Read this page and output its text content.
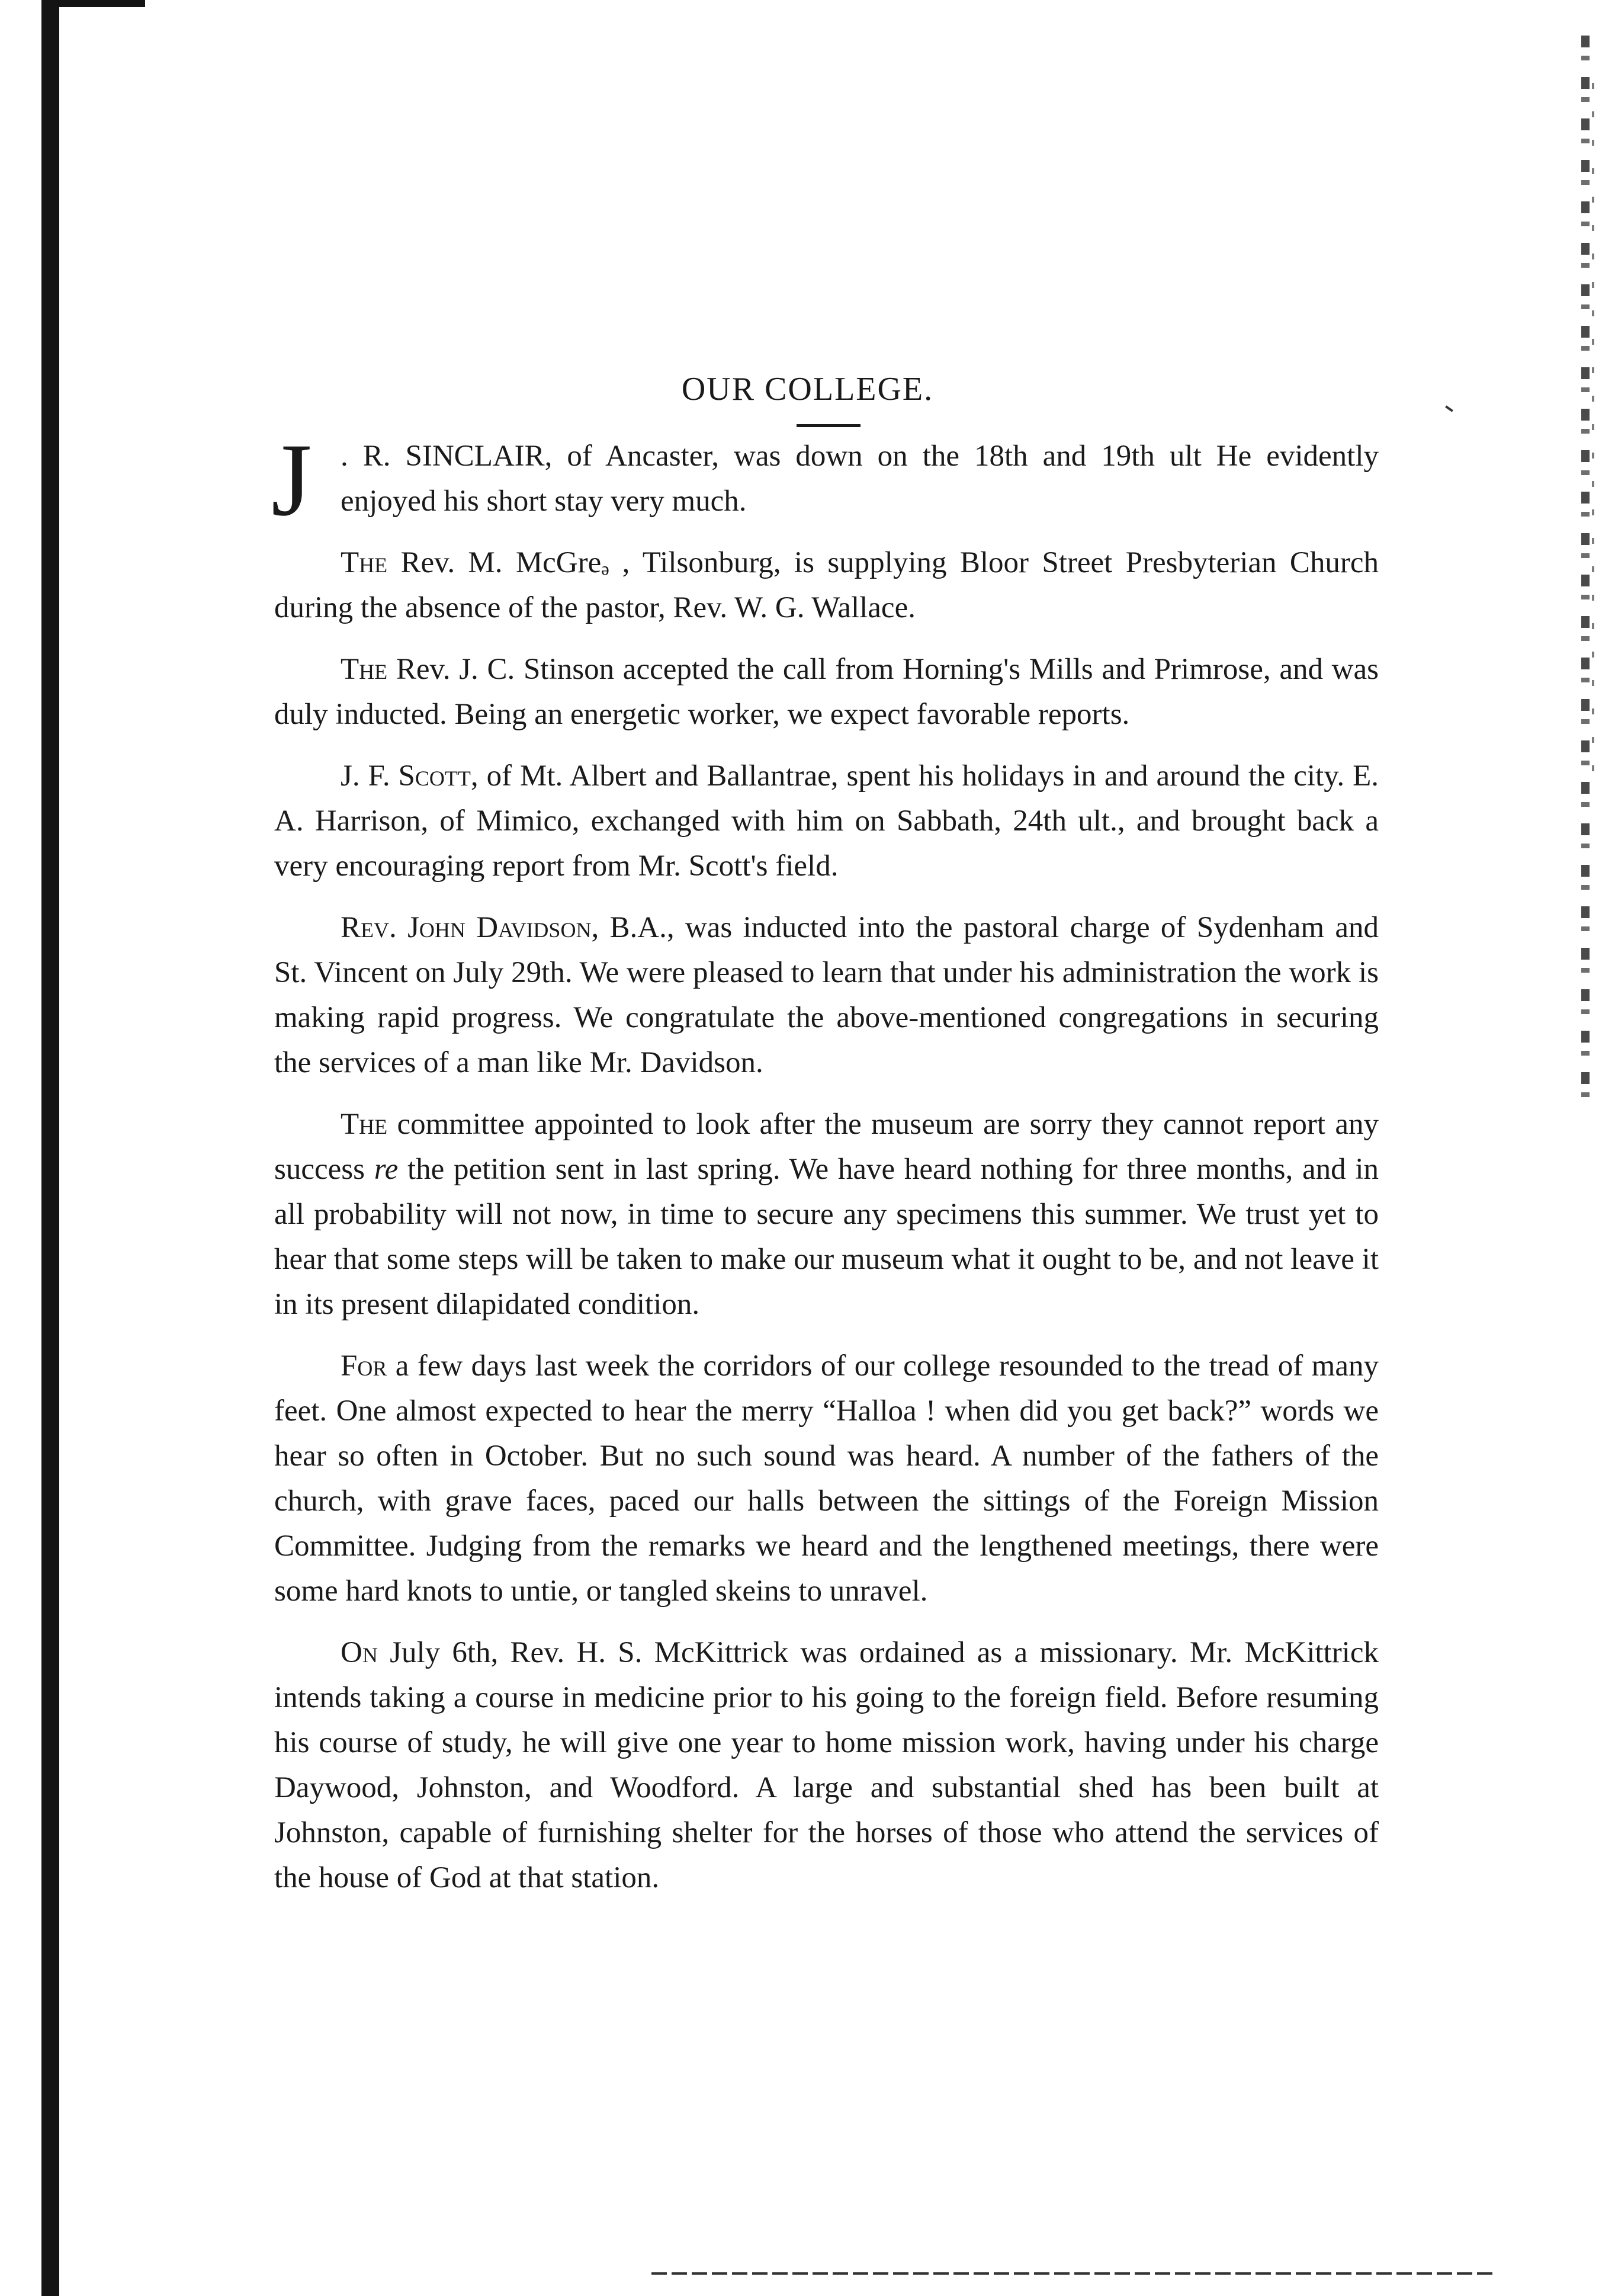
OUR COLLEGE.

J . R. SINCLAIR, of Ancaster, was down on the 18th and 19th ult He evidently enjoyed his short stay very much.

The Rev. M. McGreₔ , Tilsonburg, is supplying Bloor Street Presbyterian Church during the absence of the pastor, Rev. W. G. Wallace.

The Rev. J. C. Stinson accepted the call from Horning's Mills and Primrose, and was duly inducted. Being an energetic worker, we expect favorable reports.

J. F. Scott, of Mt. Albert and Ballantrae, spent his holidays in and around the city. E. A. Harrison, of Mimico, exchanged with him on Sabbath, 24th ult., and brought back a very encouraging report from Mr. Scott's field.

Rev. John Davidson, B.A., was inducted into the pastoral charge of Sydenham and St. Vincent on July 29th. We were pleased to learn that under his administration the work is making rapid progress. We congratulate the above-mentioned congregations in securing the services of a man like Mr. Davidson.

The committee appointed to look after the museum are sorry they cannot report any success re the petition sent in last spring. We have heard nothing for three months, and in all probability will not now, in time to secure any specimens this summer. We trust yet to hear that some steps will be taken to make our museum what it ought to be, and not leave it in its present dilapidated condition.

For a few days last week the corridors of our college resounded to the tread of many feet. One almost expected to hear the merry “Halloa ! when did you get back?” words we hear so often in October. But no such sound was heard. A number of the fathers of the church, with grave faces, paced our halls between the sittings of the Foreign Mission Committee. Judging from the remarks we heard and the lengthened meetings, there were some hard knots to untie, or tangled skeins to unravel.

On July 6th, Rev. H. S. McKittrick was ordained as a missionary. Mr. McKittrick intends taking a course in medicine prior to his going to the foreign field. Before resuming his course of study, he will give one year to home mission work, having under his charge Daywood, Johnston, and Woodford. A large and substantial shed has been built at Johnston, capable of furnishing shelter for the horses of those who attend the services of the house of God at that station.
